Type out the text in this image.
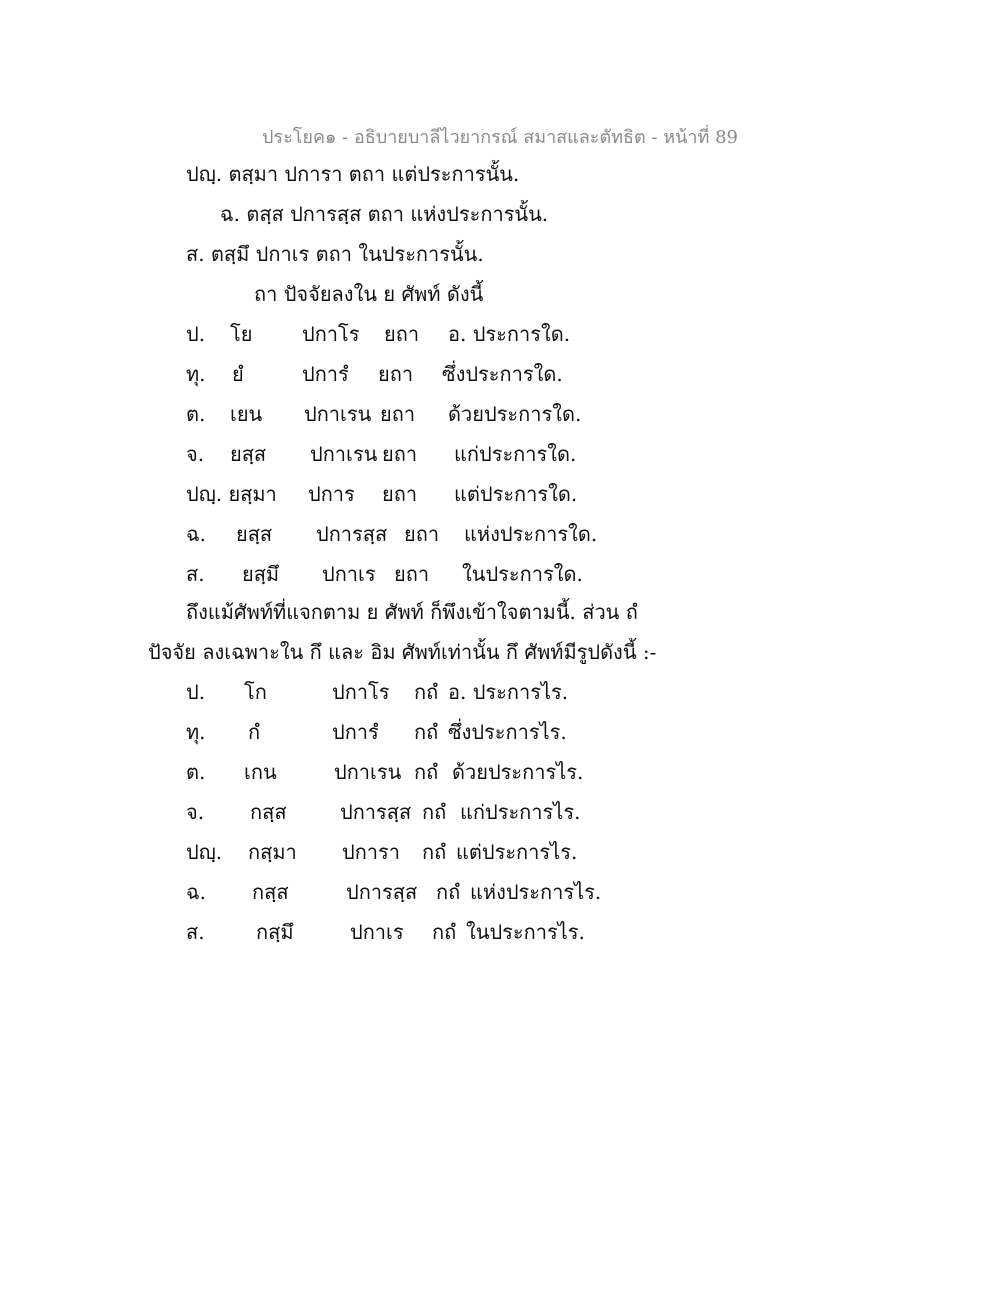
ประโยค๑ - อธิบายบาลีไวยากรณ์ สมาสและตัทธิต - หน้าที่ 89
ปญฺ. ตสฺมา ปการา ตถา แต่ประการนั้น.
ฉ. ตสฺส ปการสฺส ตถา แห่งประการนั้น.
ส. ตสฺมึ ปกาเร ตถา ในประการนั้น.
ถา ปัจจัยลงใน ย ศัพท์ ดังนี้
ป. โย ปกาโร ยถา อ. ประการใด.
ทุ. ยํ	ปการํ ยถา ซึ่งประการใด.
ต. เยน ปกาเรน ยถา ด้วยประการใด.
จ. ยสฺส ปกาเรน ยถา แก่ประการใด.
ปญฺ. ยสฺมา ปการ ยถา แต่ประการใด.
ฉ. ยสฺส ปการสฺส ยถา แห่งประการใด.
ส. ยสฺมึ ปกาเร ยถา ในประการใด.
ถึงแม้ศัพท์ที่แจกตาม ย ศัพท์ ก็พึงเข้าใจตามนี้. ส่วน ถํ
ปัจจัย ลงเฉพาะใน กึ และ อิม ศัพท์เท่านั้น กึ ศัพท์มีรูปดังนี้ :-
ป. โก	ปกาโร กถํ อ. ประการไร.
ทุ. กํ	ปการํ กถํ ซึ่งประการไร.
ต. เกน	ปกาเรน กถํ ด้วยประการไร.
จ. กสฺส	ปการสฺส กถํ แก่ประการไร.
ปญฺ. กสฺมา ปการา กถํ แต่ประการไร.
ฉ. กสฺส	ปการสฺส กถํ แห่งประการไร.
ส.	กสฺมึ	ปกาเร กถํ ในประการไร.
